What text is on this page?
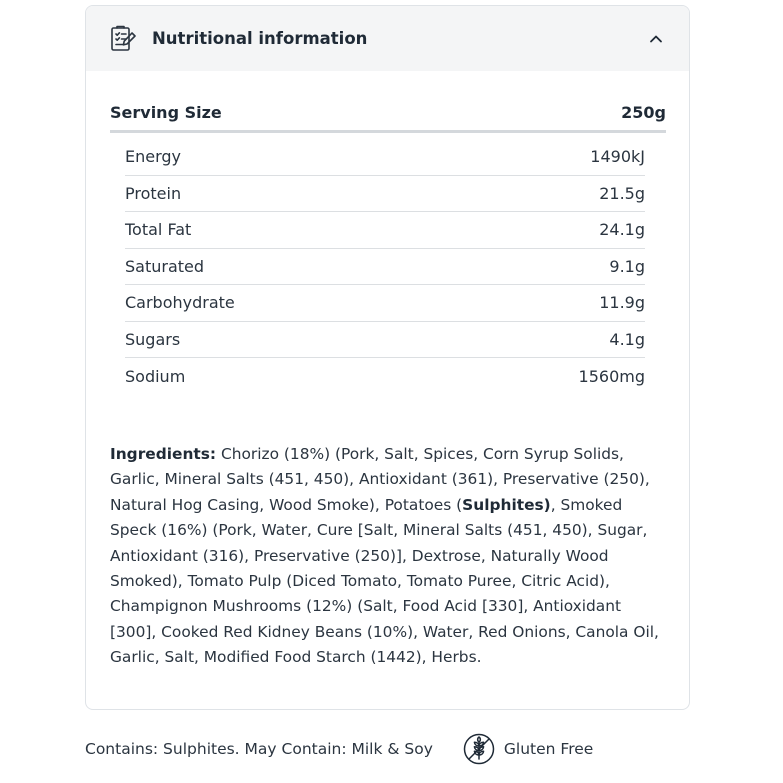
Nutritional information
Serving Size	250g
Energy	1490kJ
Protein	21.5g
Total Fat	24.1g
Saturated	9.1g
Carbohydrate	11.9g
Sugars	4.1g
Sodium	1560mg

Ingredients: Chorizo (18%) (Pork, Salt, Spices, Corn Syrup Solids, Garlic, Mineral Salts (451, 450), Antioxidant (361), Preservative (250), Natural Hog Casing, Wood Smoke), Potatoes (Sulphites), Smoked Speck (16%) (Pork, Water, Cure [Salt, Mineral Salts (451, 450), Sugar, Antioxidant (316), Preservative (250)], Dextrose, Naturally Wood Smoked), Tomato Pulp (Diced Tomato, Tomato Puree, Citric Acid), Champignon Mushrooms (12%) (Salt, Food Acid [330], Antioxidant [300], Cooked Red Kidney Beans (10%), Water, Red Onions, Canola Oil, Garlic, Salt, Modified Food Starch (1442), Herbs.

Contains: Sulphites. May Contain: Milk & Soy	Gluten Free
